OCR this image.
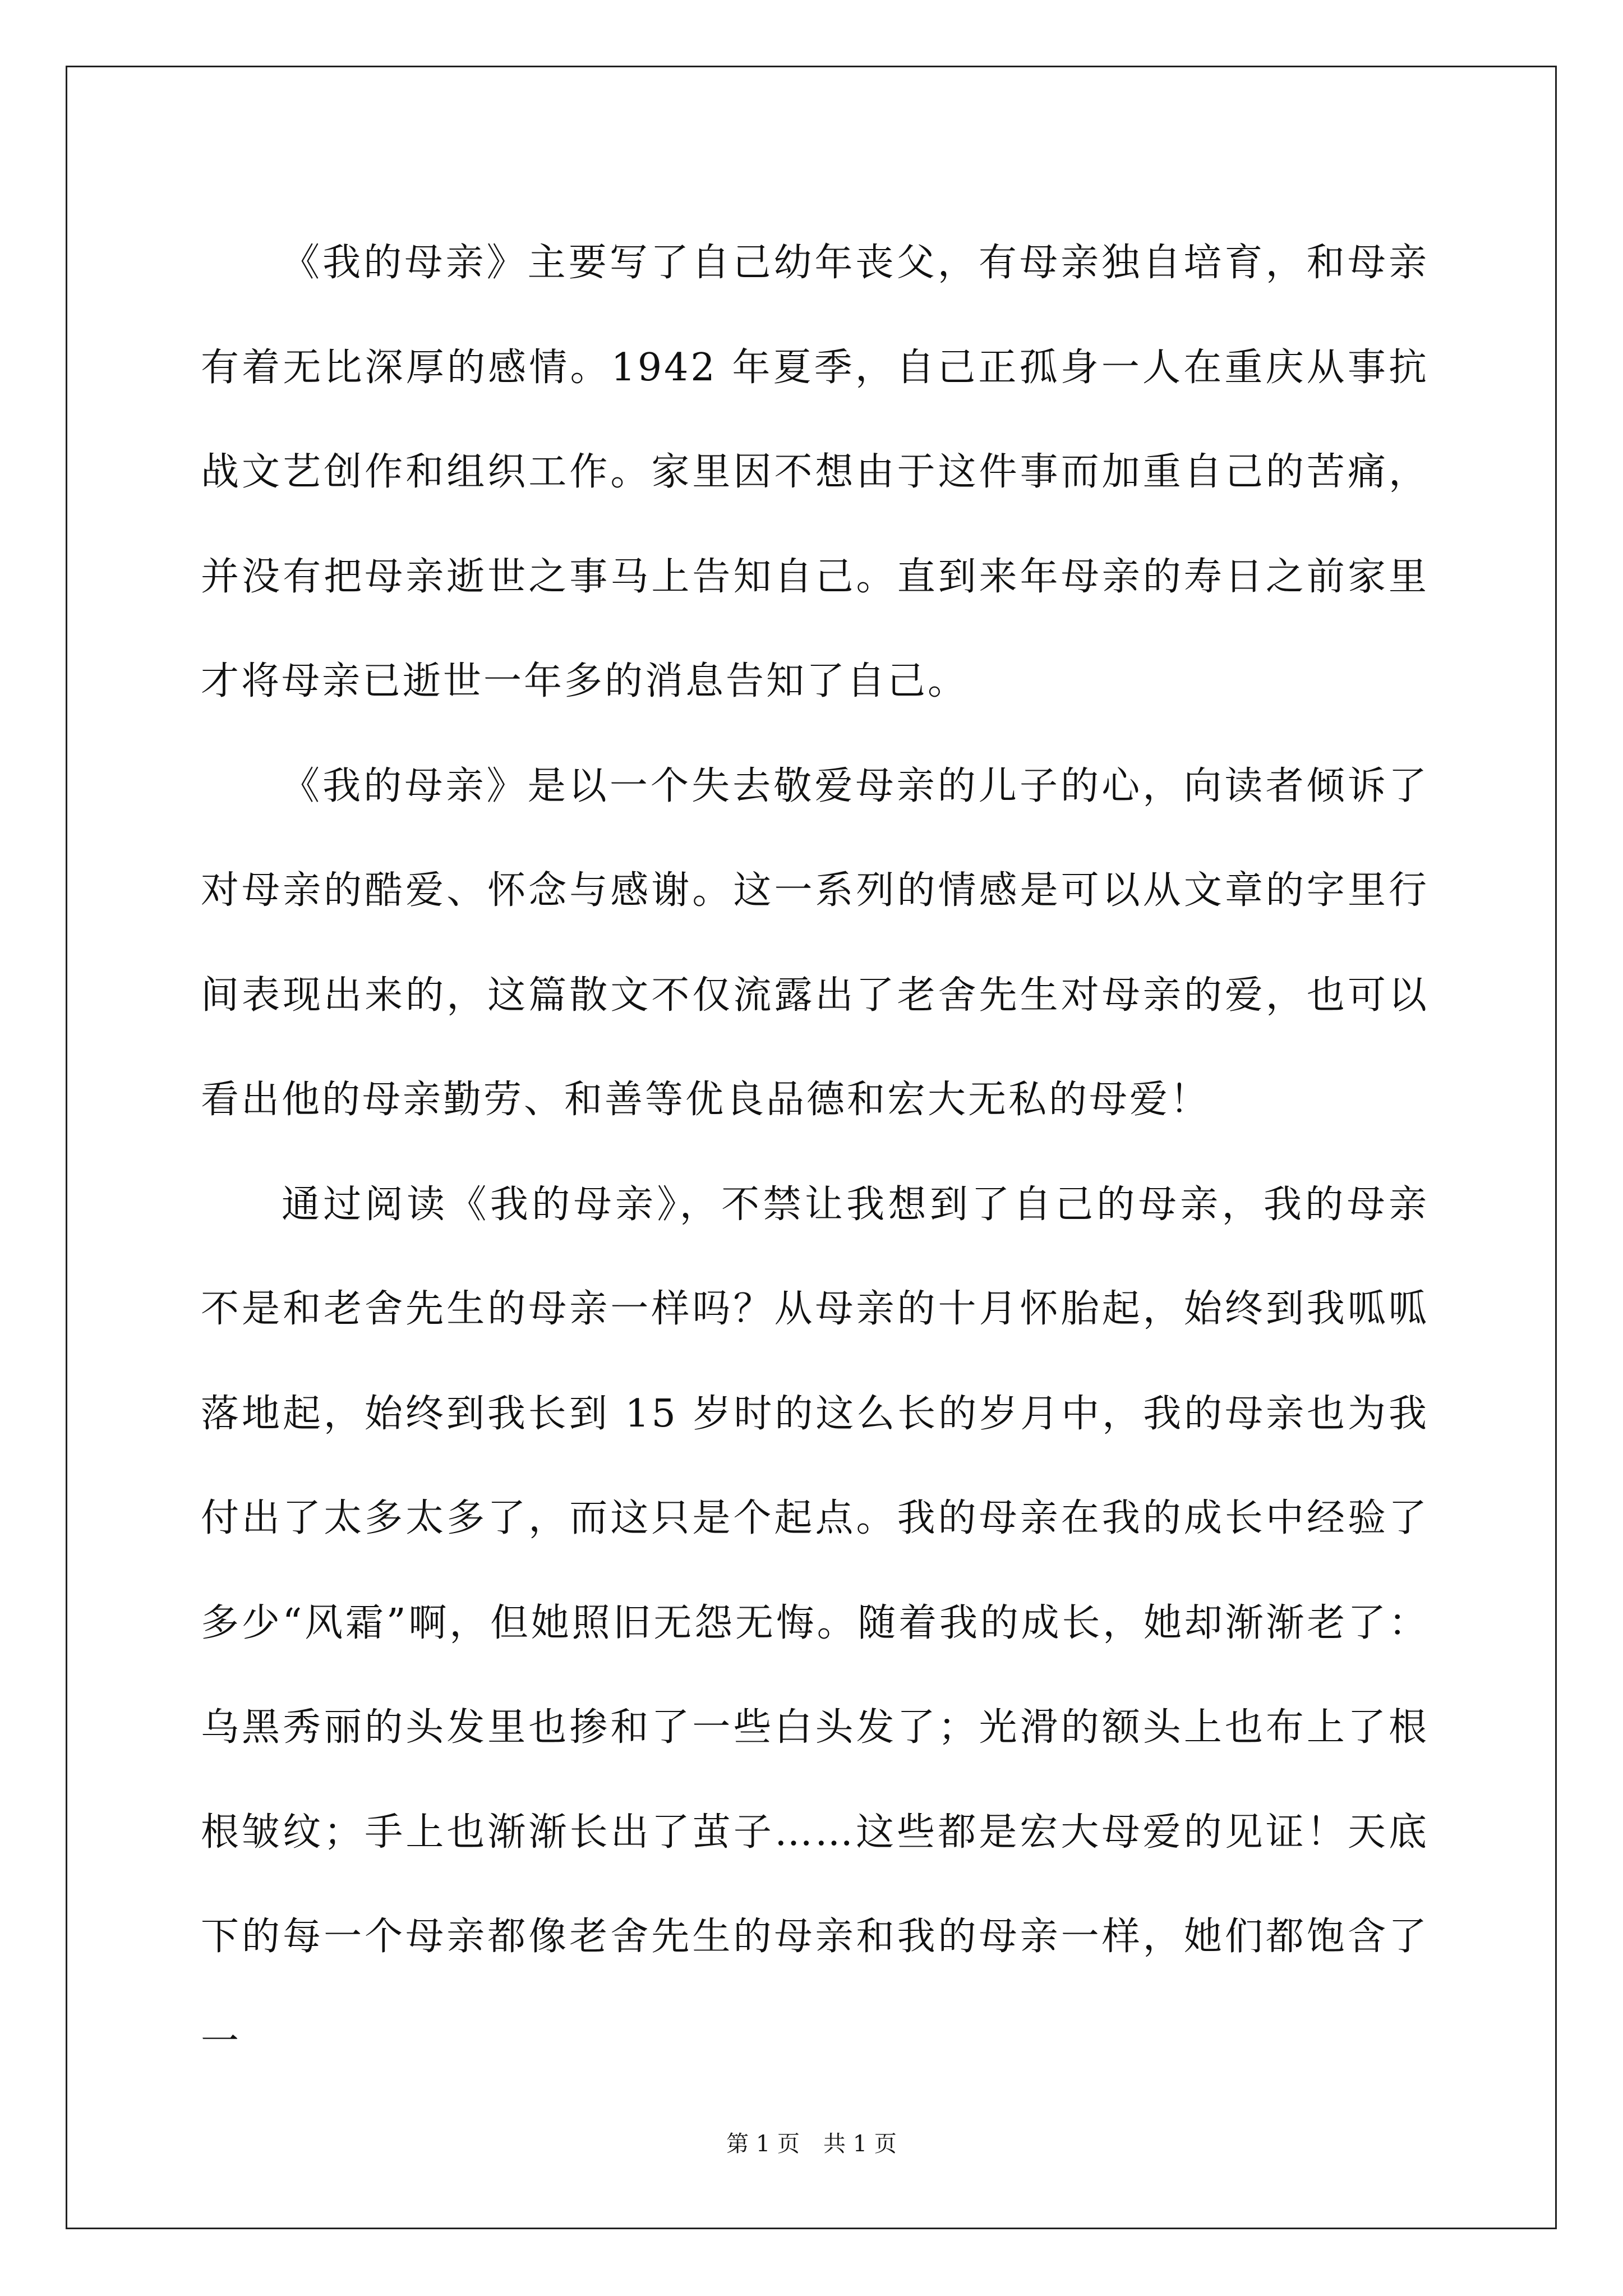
《我的母亲》主要写了自己幼年丧父，有母亲独自培育，和母亲有着无比深厚的感情。1942 年夏季，自己正孤身一人在重庆从事抗战文艺创作和组织工作。家里因不想由于这件事而加重自己的苦痛，并没有把母亲逝世之事马上告知自己。直到来年母亲的寿日之前家里才将母亲已逝世一年多的消息告知了自己。

《我的母亲》是以一个失去敬爱母亲的儿子的心，向读者倾诉了对母亲的酷爱、怀念与感谢。这一系列的情感是可以从文章的字里行间表现出来的，这篇散文不仅流露出了老舍先生对母亲的爱，也可以看出他的母亲勤劳、和善等优良品德和宏大无私的母爱！

通过阅读《我的母亲》，不禁让我想到了自己的母亲，我的母亲不是和老舍先生的母亲一样吗？从母亲的十月怀胎起，始终到我呱呱落地起，始终到我长到 15 岁时的这么长的岁月中，我的母亲也为我付出了太多太多了，而这只是个起点。我的母亲在我的成长中经验了多少“风霜”啊，但她照旧无怨无悔。随着我的成长，她却渐渐老了：乌黑秀丽的头发里也掺和了一些白头发了；光滑的额头上也布上了根根皱纹；手上也渐渐长出了茧子……这些都是宏大母爱的见证！天底下的每一个母亲都像老舍先生的母亲和我的母亲一样，她们都饱含了一

第 1 页 共 1 页
